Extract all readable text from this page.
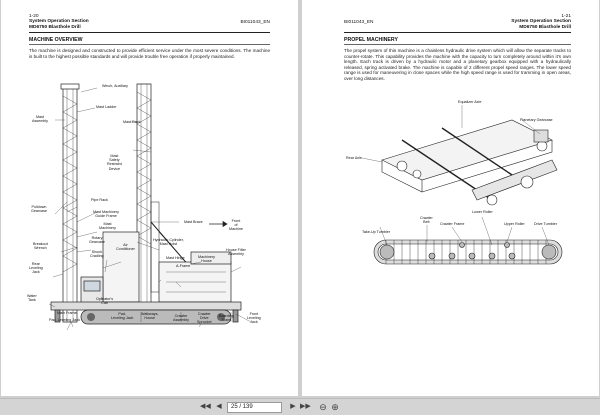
1-20
System Operation Section
MD6750 Blasthole Drill
BI011043_EN
MACHINE OVERVIEW
The machine is designed and constructed to provide efficient service under the most severe conditions. The machine is built to the highest possible standards and will provide trouble free operation if properly maintained.
Winch, Auxiliary
Mast Ladder
Mast
Assembly	Mast Rack
Mast
Safety
Restraint
Device
Pipe Rack
Pulldown
Gearcase	Mast Machinery
Guide Frame
Mast
Machinery
Mast Brace	Front
of
Machine
Breakout
Wrench
Rotary
Gearcase
Hydraulic Cylinder,
Mast Hoist
House Filter
Assembly
Air
Conditioner
Rear
Leveling
Jack
Shock
Cradling	Mast Hinge	Machinery
House
A-Frame
Water
Tank	Operator's
Cab
Main Frame
Pad, Leveling Jack
Pad,
Leveling Jack
Walkways,
House
Crawler
Assembly
Crawler
Drive
Sprocket
Boarding
Stairs
Front
Leveling
Jack
BI011043_EN
1-21
System Operation Section
MD6750 Blasthole Drill
PROPEL MACHINERY
The propel system of this machine is a chainless hydraulic drive system which will allow the separate tracks to counter-rotate. This capability provides the machine with the capacity to turn completely around within it's own length. Each track is driven by a hydraulic motor and a planetary gearbox equipped with a hydraulically released, spring activated brake. The machine is capable of 2 different propel speed ranges. The lower speed range is used for maneuvering in close spaces while the high speed range is used for tramming in open areas, over long distances.
Equalizer Axle
Planetary Gearcase
Rear Axle
Take-Up Tumbler
Crawler
Belt	Crawler Frame
Lower Roller
Upper Roller	Drive Tumbler
◀◀ ◀	25 / 139	▶ ▶▶ ⊖ ⊕
